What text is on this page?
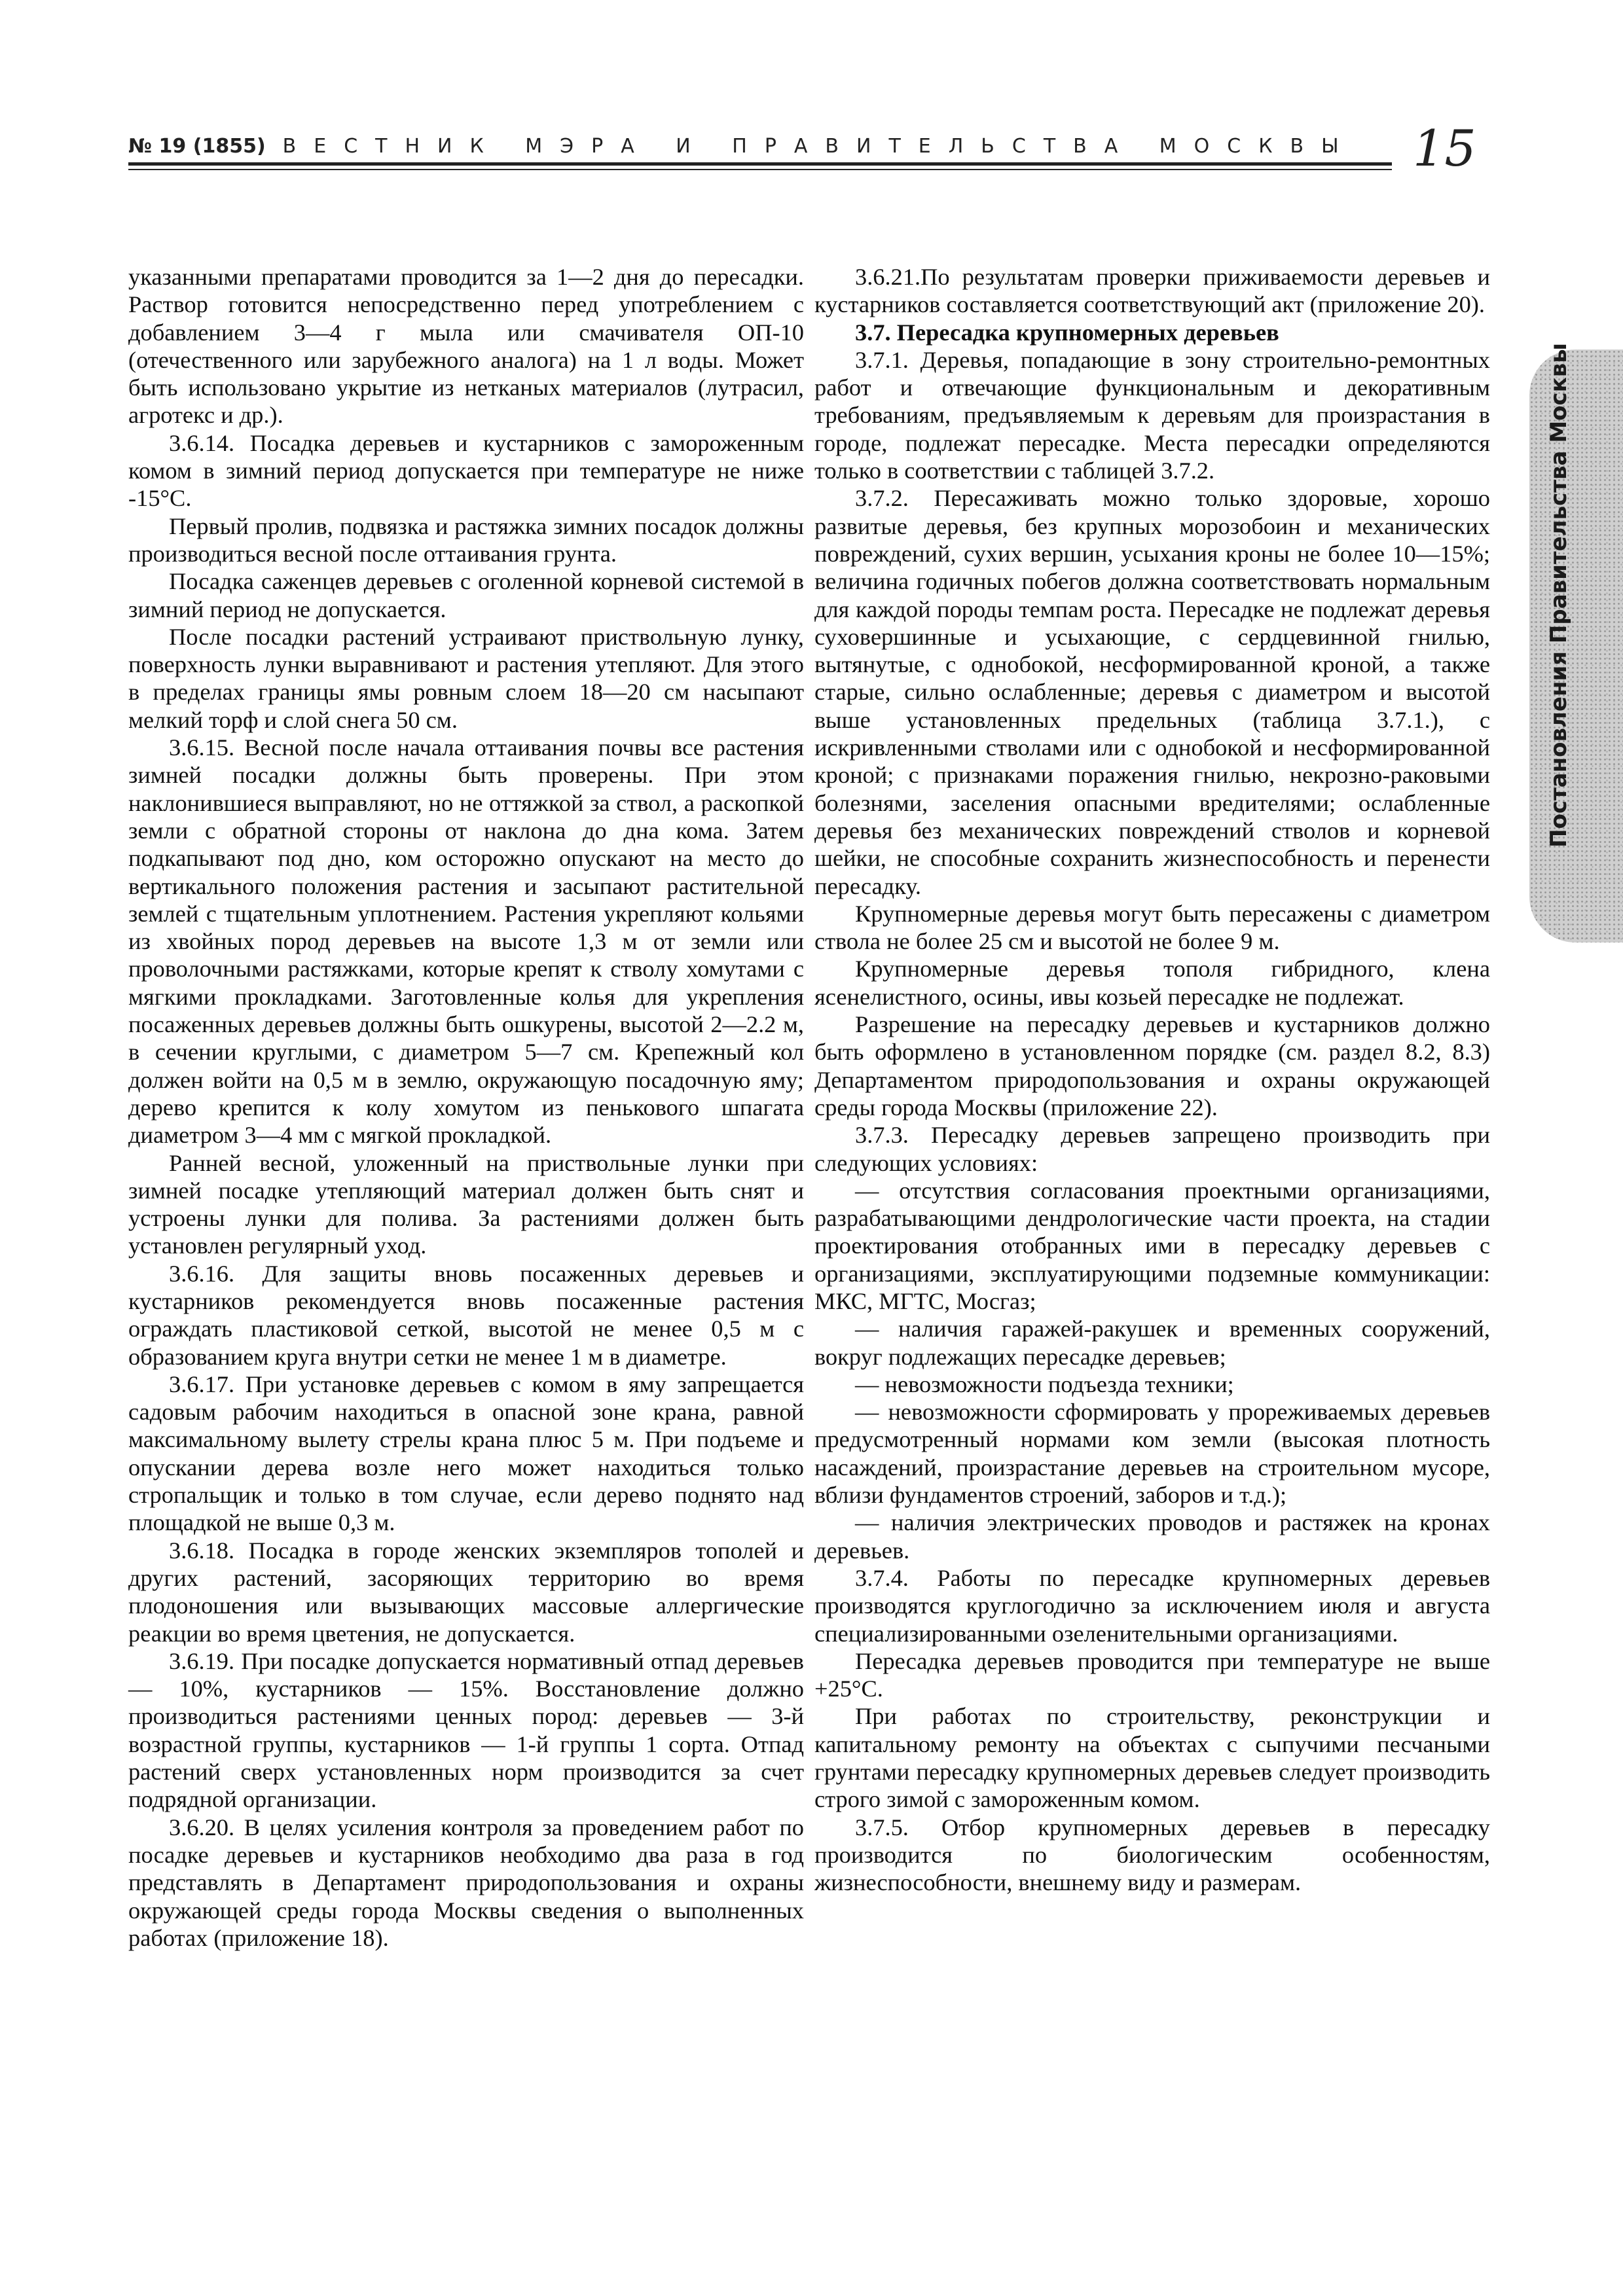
№ 19 (1855) ВЕСТНИК МЭРА И ПРАВИТЕЛЬСТВА МОСКВЫ 15

указанными препаратами проводится за 1—2 дня до пересадки. Раствор готовится непосредственно перед употреблением с добавлением 3—4 г мыла или смачивателя ОП-10 (отечественного или зарубежного аналога) на 1 л воды. Может быть использовано укрытие из нетканых материалов (лутрасил, агротекс и др.).

3.6.14. Посадка деревьев и кустарников с замороженным комом в зимний период допускается при температуре не ниже -15°С.

Первый пролив, подвязка и растяжка зимних посадок должны производиться весной после оттаивания грунта.

Посадка саженцев деревьев с оголенной корневой системой в зимний период не допускается.

После посадки растений устраивают приствольную лунку, поверхность лунки выравнивают и растения утепляют. Для этого в пределах границы ямы ровным слоем 18—20 см насыпают мелкий торф и слой снега 50 см.

3.6.15. Весной после начала оттаивания почвы все растения зимней посадки должны быть проверены. При этом наклонившиеся выправляют, но не оттяжкой за ствол, а раскопкой земли с обратной стороны от наклона до дна кома. Затем подкапывают под дно, ком осторожно опускают на место до вертикального положения растения и засыпают растительной землей с тщательным уплотнением. Растения укрепляют кольями из хвойных пород деревьев на высоте 1,3 м от земли или проволочными растяжками, которые крепят к стволу хомутами с мягкими прокладками. Заготовленные колья для укрепления посаженных деревьев должны быть ошкурены, высотой 2—2.2 м, в сечении круглыми, с диаметром 5—7 см. Крепежный кол должен войти на 0,5 м в землю, окружающую посадочную яму; дерево крепится к колу хомутом из пенькового шпагата диаметром 3—4 мм с мягкой прокладкой.

Ранней весной, уложенный на приствольные лунки при зимней посадке утепляющий материал должен быть снят и устроены лунки для полива. За растениями должен быть установлен регулярный уход.

3.6.16. Для защиты вновь посаженных деревьев и кустарников рекомендуется вновь посаженные растения ограждать пластиковой сеткой, высотой не менее 0,5 м с образованием круга внутри сетки не менее 1 м в диаметре.

3.6.17. При установке деревьев с комом в яму запрещается садовым рабочим находиться в опасной зоне крана, равной максимальному вылету стрелы крана плюс 5 м. При подъеме и опускании дерева возле него может находиться только стропальщик и только в том случае, если дерево поднято над площадкой не выше 0,3 м.

3.6.18. Посадка в городе женских экземпляров тополей и других растений, засоряющих территорию во время плодоношения или вызывающих массовые аллергические реакции во время цветения, не допускается.

3.6.19. При посадке допускается нормативный отпад деревьев — 10%, кустарников — 15%. Восстановление должно производиться растениями ценных пород: деревьев — 3-й возрастной группы, кустарников — 1-й группы 1 сорта. Отпад растений сверх установленных норм производится за счет подрядной организации.

3.6.20. В целях усиления контроля за проведением работ по посадке деревьев и кустарников необходимо два раза в год представлять в Департамент природопользования и охраны окружающей среды города Москвы сведения о выполненных работах (приложение 18).

3.6.21.По результатам проверки приживаемости деревьев и кустарников составляется соответствующий акт (приложение 20).

3.7. Пересадка крупномерных деревьев

3.7.1. Деревья, попадающие в зону строительно-ремонтных работ и отвечающие функциональным и декоративным требованиям, предъявляемым к деревьям для произрастания в городе, подлежат пересадке. Места пересадки определяются только в соответствии с таблицей 3.7.2.

3.7.2. Пересаживать можно только здоровые, хорошо развитые деревья, без крупных морозобоин и механических повреждений, сухих вершин, усыхания кроны не более 10—15%; величина годичных побегов должна соответствовать нормальным для каждой породы темпам роста. Пересадке не подлежат деревья суховершинные и усыхающие, с сердцевинной гнилью, вытянутые, с однобокой, несформированной кроной, а также старые, сильно ослабленные; деревья с диаметром и высотой выше установленных предельных (таблица 3.7.1.), с искривленными стволами или с однобокой и несформированной кроной; с признаками поражения гнилью, некрозно-раковыми болезнями, заселения опасными вредителями; ослабленные деревья без механических повреждений стволов и корневой шейки, не способные сохранить жизнеспособность и перенести пересадку.

Крупномерные деревья могут быть пересажены с диаметром ствола не более 25 см и высотой не более 9 м.

Крупномерные деревья тополя гибридного, клена ясенелистного, осины, ивы козьей пересадке не подлежат.

Разрешение на пересадку деревьев и кустарников должно быть оформлено в установленном порядке (см. раздел 8.2, 8.3) Департаментом природопользования и охраны окружающей среды города Москвы (приложение 22).

3.7.3. Пересадку деревьев запрещено производить при следующих условиях:

— отсутствия согласования проектными организациями, разрабатывающими дендрологические части проекта, на стадии проектирования отобранных ими в пересадку деревьев с организациями, эксплуатирующими подземные коммуникации: МКС, МГТС, Мосгаз;

— наличия гаражей-ракушек и временных сооружений, вокруг подлежащих пересадке деревьев;

— невозможности подъезда техники;

— невозможности сформировать у прореживаемых деревьев предусмотренный нормами ком земли (высокая плотность насаждений, произрастание деревьев на строительном мусоре, вблизи фундаментов строений, заборов и т.д.);

— наличия электрических проводов и растяжек на кронах деревьев.

3.7.4. Работы по пересадке крупномерных деревьев производятся круглогодично за исключением июля и августа специализированными озеленительными организациями.

Пересадка деревьев проводится при температуре не выше +25°С.

При работах по строительству, реконструкции и капитальному ремонту на объектах с сыпучими песчаными грунтами пересадку крупномерных деревьев следует производить строго зимой с замороженным комом.

3.7.5. Отбор крупномерных деревьев в пересадку производится по биологическим особенностям, жизнеспособности, внешнему виду и размерам.

Постановления Правительства Москвы
